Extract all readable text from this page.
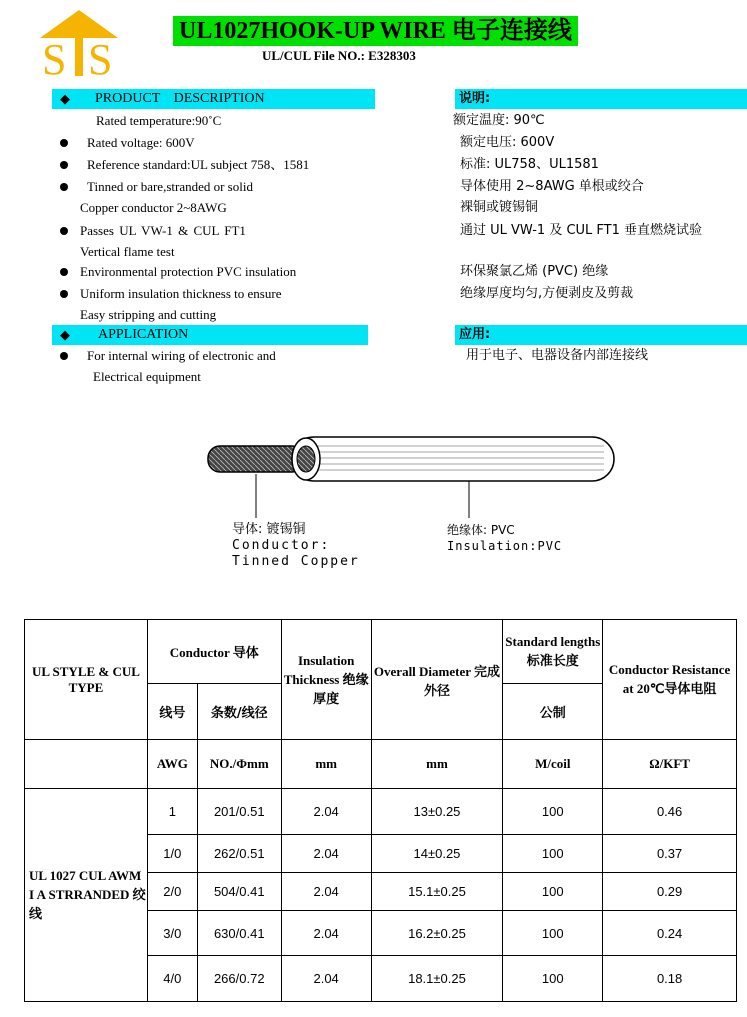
S S
UL1027HOOK-UP WIRE 电子连接线
UL/CUL File NO.: E328303
◆ PRODUCT DESCRIPTION
Rated temperature:90˚C
Rated voltage: 600V
Reference standard:UL subject 758、1581
Tinned or bare,stranded or solid
Copper conductor 2~8AWG
Passes UL VW-1 & CUL FT1
Vertical flame test
Environmental protection PVC insulation
Uniform insulation thickness to ensure
Easy stripping and cutting
◆ APPLICATION
For internal wiring of electronic and
Electrical equipment
说明:
额定温度: 90℃
额定电压: 600V
标准: UL758、UL1581
导体使用 2~8AWG 单根或绞合
裸铜或镀锡铜
通过 UL VW-1 及 CUL FT1 垂直燃烧试验
环保聚氯乙烯 (PVC) 绝缘
绝缘厚度均匀,方便剥皮及剪裁
应用:
用于电子、电器设备内部连接线
导体: 镀锡铜
Conductor:
Tinned Copper
绝缘体: PVC
Insulation:PVC
UL STYLE & CUL TYPE	Conductor 导体		Insulation Thickness 绝缘厚度	Overall Diameter 完成外径	Standard lengths 标准长度	Conductor Resistance at 20℃导体电阻
	线号	条数/线径			公制	
	AWG	NO./Φmm	mm	mm	M/coil	Ω/KFT
UL 1027 CUL AWM I A STRRANDED 绞线	1	201/0.51	2.04	13±0.25	100	0.46
	1/0	262/0.51	2.04	14±0.25	100	0.37
	2/0	504/0.41	2.04	15.1±0.25	100	0.29
	3/0	630/0.41	2.04	16.2±0.25	100	0.24
	4/0	266/0.72	2.04	18.1±0.25	100	0.18
